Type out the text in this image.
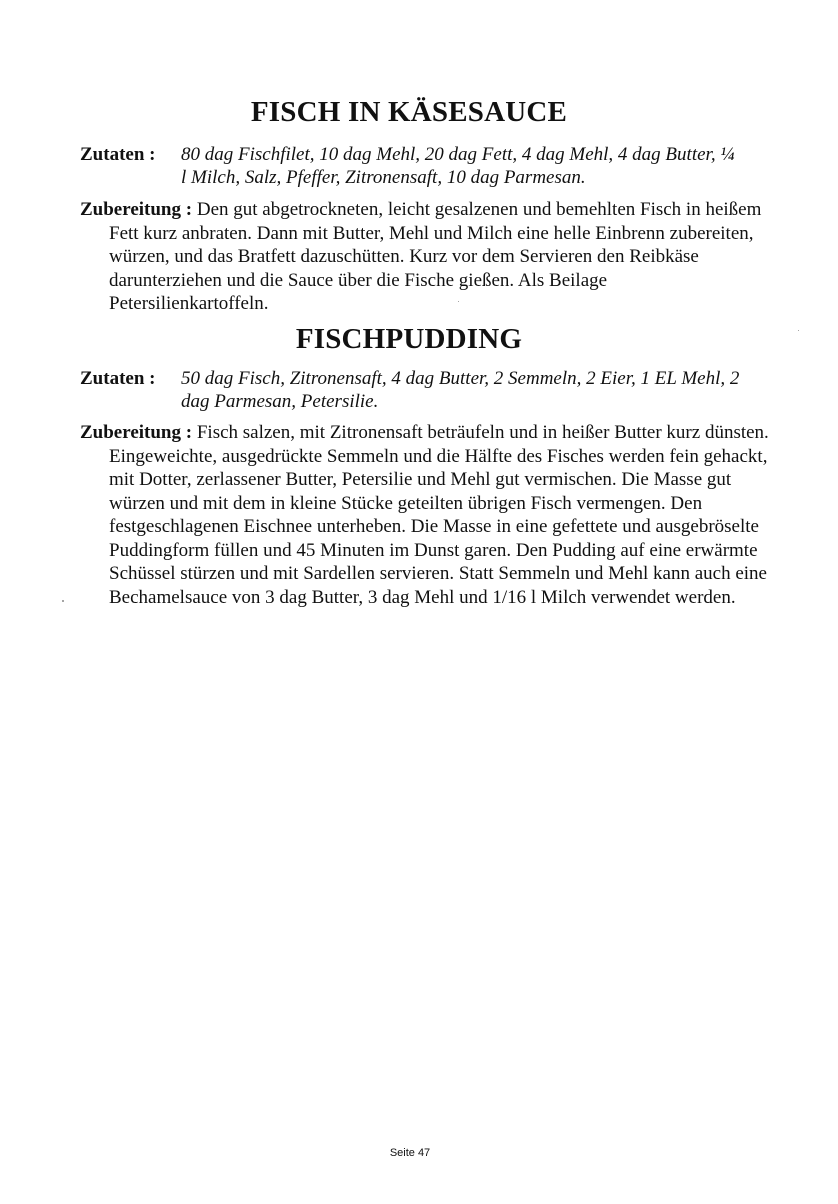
FISCH IN KÄSESAUCE
Zutaten : 80 dag Fischfilet, 10 dag Mehl, 20 dag Fett, 4 dag Mehl, 4 dag Butter, ¼ l Milch, Salz, Pfeffer, Zitronensaft, 10 dag Parmesan.

Zubereitung : Den gut abgetrockneten, leicht gesalzenen und bemehlten Fisch in heißem Fett kurz anbraten. Dann mit Butter, Mehl und Milch eine helle Einbrenn zubereiten, würzen, und das Bratfett dazuschütten. Kurz vor dem Servieren den Reibkäse darunterziehen und die Sauce über die Fische gießen. Als Beilage Petersilienkartoffeln.

FISCHPUDDING
Zutaten : 50 dag Fisch, Zitronensaft, 4 dag Butter, 2 Semmeln, 2 Eier, 1 EL Mehl, 2 dag Parmesan, Petersilie.

Zubereitung : Fisch salzen, mit Zitronensaft beträufeln und in heißer Butter kurz dünsten. Eingeweichte, ausgedrückte Semmeln und die Hälfte des Fisches werden fein gehackt, mit Dotter, zerlassener Butter, Petersilie und Mehl gut vermischen. Die Masse gut würzen und mit dem in kleine Stücke geteilten übrigen Fisch vermengen. Den festgeschlagenen Eischnee unterheben. Die Masse in eine gefettete und ausgebröselte Puddingform füllen und 45 Minuten im Dunst garen. Den Pudding auf eine erwärmte Schüssel stürzen und mit Sardellen servieren. Statt Semmeln und Mehl kann auch eine Bechamelsauce von 3 dag Butter, 3 dag Mehl und 1/16 l Milch verwendet werden.

Seite 47
